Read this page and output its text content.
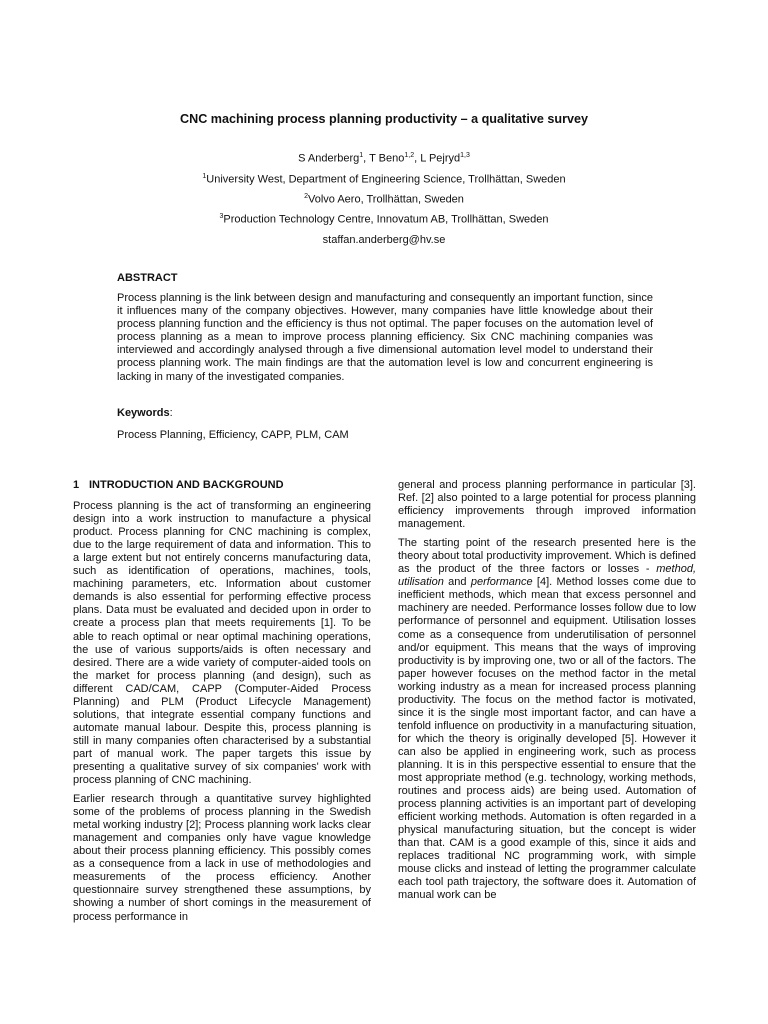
CNC machining process planning productivity – a qualitative survey
S Anderberg$^1$, T Beno$^{1,2}$, L Pejryd$^{1,3}$
$^1$University West, Department of Engineering Science, Trollhättan, Sweden
$^2$Volvo Aero, Trollhättan, Sweden
$^3$Production Technology Centre, Innovatum AB, Trollhättan, Sweden
staffan.anderberg@hv.se
ABSTRACT

Process planning is the link between design and manufacturing and consequently an important function, since it influences many of the company objectives. However, many companies have little knowledge about their process planning function and the efficiency is thus not optimal. The paper focuses on the automation level of process planning as a mean to improve process planning efficiency. Six CNC machining companies was interviewed and accordingly analysed through a five dimensional automation level model to understand their process planning work. The main findings are that the automation level is low and concurrent engineering is lacking in many of the investigated companies.

Keywords:
Process Planning, Efficiency, CAPP, PLM, CAM
1 INTRODUCTION AND BACKGROUND

Process planning is the act of transforming an engineering design into a work instruction to manufacture a physical product. Process planning for CNC machining is complex, due to the large requirement of data and information. This to a large extent but not entirely concerns manufacturing data, such as identification of operations, machines, tools, machining parameters, etc. Information about customer demands is also essential for performing effective process plans. Data must be evaluated and decided upon in order to create a process plan that meets requirements [1]. To be able to reach optimal or near optimal machining operations, the use of various supports/aids is often necessary and desired. There are a wide variety of computer-aided tools on the market for process planning (and design), such as different CAD/CAM, CAPP (Computer-Aided Process Planning) and PLM (Product Lifecycle Management) solutions, that integrate essential company functions and automate manual labour. Despite this, process planning is still in many companies often characterised by a substantial part of manual work. The paper targets this issue by presenting a qualitative survey of six companies' work with process planning of CNC machining.

Earlier research through a quantitative survey highlighted some of the problems of process planning in the Swedish metal working industry [2]; Process planning work lacks clear management and companies only have vague knowledge about their process planning efficiency. This possibly comes as a consequence from a lack in use of methodologies and measurements of the process efficiency. Another questionnaire survey strengthened these assumptions, by showing a number of short comings in the measurement of process performance in

general and process planning performance in particular [3]. Ref. [2] also pointed to a large potential for process planning efficiency improvements through improved information management.

The starting point of the research presented here is the theory about total productivity improvement. Which is defined as the product of the three factors or losses - method, utilisation and performance [4]. Method losses come due to inefficient methods, which mean that excess personnel and machinery are needed. Performance losses follow due to low performance of personnel and equipment. Utilisation losses come as a consequence from underutilisation of personnel and/or equipment. This means that the ways of improving productivity is by improving one, two or all of the factors. The paper however focuses on the method factor in the metal working industry as a mean for increased process planning productivity. The focus on the method factor is motivated, since it is the single most important factor, and can have a tenfold influence on productivity in a manufacturing situation, for which the theory is originally developed [5]. However it can also be applied in engineering work, such as process planning. It is in this perspective essential to ensure that the most appropriate method (e.g. technology, working methods, routines and process aids) are being used. Automation of process planning activities is an important part of developing efficient working methods. Automation is often regarded in a physical manufacturing situation, but the concept is wider than that. CAM is a good example of this, since it aids and replaces traditional NC programming work, with simple mouse clicks and instead of letting the programmer calculate each tool path trajectory, the software does it. Automation of manual work can be
